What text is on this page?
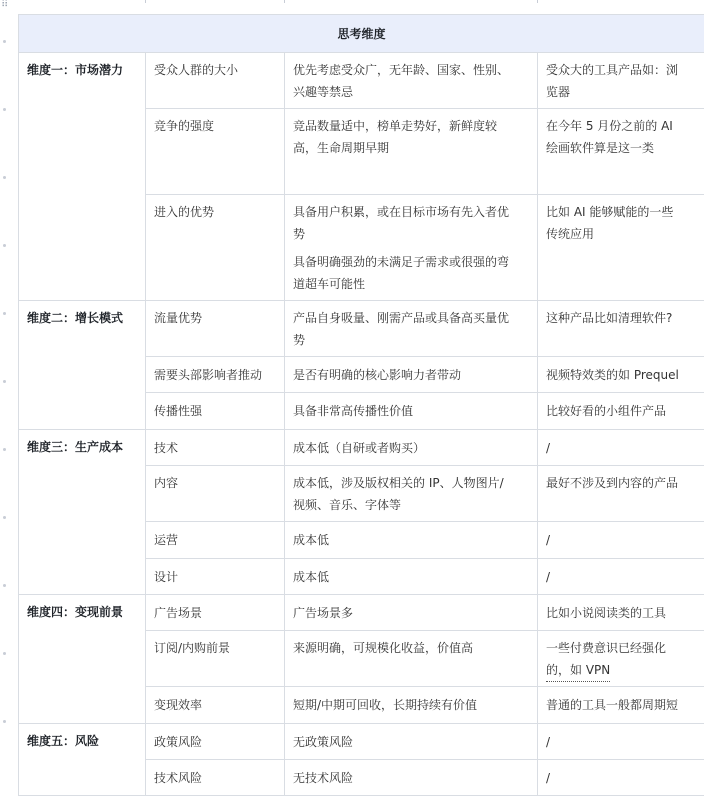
⠿
思考维度			

维度一：市场潜力	受众人群的大小	优先考虑受众广，无年龄、国家、性别、
兴趣等禁忌	受众大的工具产品如：浏
览器

	竞争的强度	竞品数量适中，榜单走势好，新鲜度较
高，生命周期早期	在今年 5 月份之前的 AI
绘画软件算是这一类

	进入的优势	具备用户积累，或在目标市场有先入者优
势
具备明确强劲的未满足子需求或很强的弯
道超车可能性	比如 AI 能够赋能的一些
传统应用

维度二：增长模式	流量优势	产品自身吸量、刚需产品或具备高买量优
势	这种产品比如清理软件?

	需要头部影响者推动	是否有明确的核心影响力者带动	视频特效类的如 Prequel
	传播性强	具备非常高传播性价值	比较好看的小组件产品

维度三：生产成本	技术	成本低（自研或者购买）	/

	内容	成本低，涉及版权相关的 IP、人物图片/
视频、音乐、字体等	最好不涉及到内容的产品

	运营	成本低	/
	设计	成本低	/

维度四：变现前景	广告场景	广告场景多	比如小说阅读类的工具

	订阅/内购前景	来源明确，可规模化收益，价值高	一些付费意识已经强化
的，如 VPN

	变现效率	短期/中期可回收，长期持续有价值	普通的工具一般都周期短

维度五：风险	政策风险	无政策风险	/
	技术风险	无技术风险	/
